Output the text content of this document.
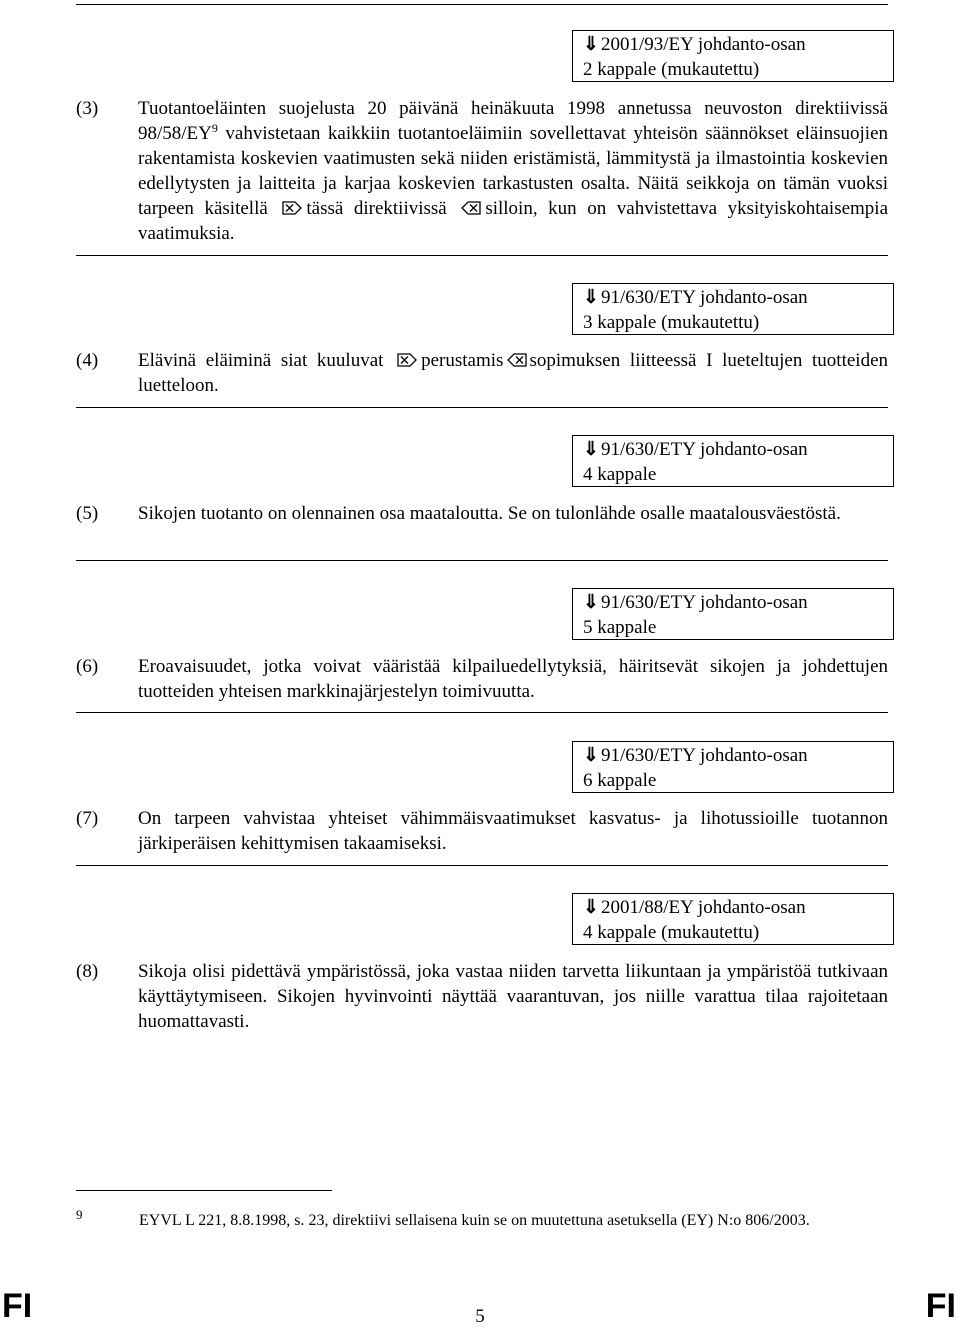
⇓ 2001/93/EY johdanto-osan
2 kappale (mukautettu)
(3) Tuotantoeläinten suojelusta 20 päivänä heinäkuuta 1998 annetussa neuvoston direktiivissä $98/58/EY^9$ vahvistetaan kaikkiin tuotantoeläimiin sovellettavat yhteisön säännökset eläinsuojien rakentamista koskevien vaatimusten sekä niiden eristämistä, lämmitystä ja ilmastointia koskevien edellytysten ja laitteita ja karjaa koskevien tarkastusten osalta. Näitä seikkoja on tämän vuoksi tarpeen käsitellä tässä direktiivissä silloin, kun on vahvistettava yksityiskohtaisempia vaatimuksia.
⇓ 91/630/ETY johdanto-osan
3 kappale (mukautettu)
(4) Elävinä eläiminä siat kuuluvat perustamis sopimuksen liitteessä I lueteltujen tuotteiden luetteloon.
⇓ 91/630/ETY johdanto-osan
4 kappale
(5) Sikojen tuotanto on olennainen osa maataloutta. Se on tulonlähde osalle maatalousväestöstä.
⇓ 91/630/ETY johdanto-osan
5 kappale
(6) Eroavaisuudet, jotka voivat vääristää kilpailuedellytyksiä, häiritsevät sikojen ja johdettujen tuotteiden yhteisen markkinajärjestelyn toimivuutta.
⇓ 91/630/ETY johdanto-osan
6 kappale
(7) On tarpeen vahvistaa yhteiset vähimmäisvaatimukset kasvatus- ja lihotussioille tuotannon järkiperäisen kehittymisen takaamiseksi.
⇓ 2001/88/EY johdanto-osan
4 kappale (mukautettu)
(8) Sikoja olisi pidettävä ympäristössä, joka vastaa niiden tarvetta liikuntaan ja ympäristöä tutkivaan käyttäytymiseen. Sikojen hyvinvointi näyttää vaarantuvan, jos niille varattua tilaa rajoitetaan huomattavasti.
9	EYVL L 221, 8.8.1998, s. 23, direktiivi sellaisena kuin se on muutettuna asetuksella (EY) N:o 806/2003.
FI	5	FI
